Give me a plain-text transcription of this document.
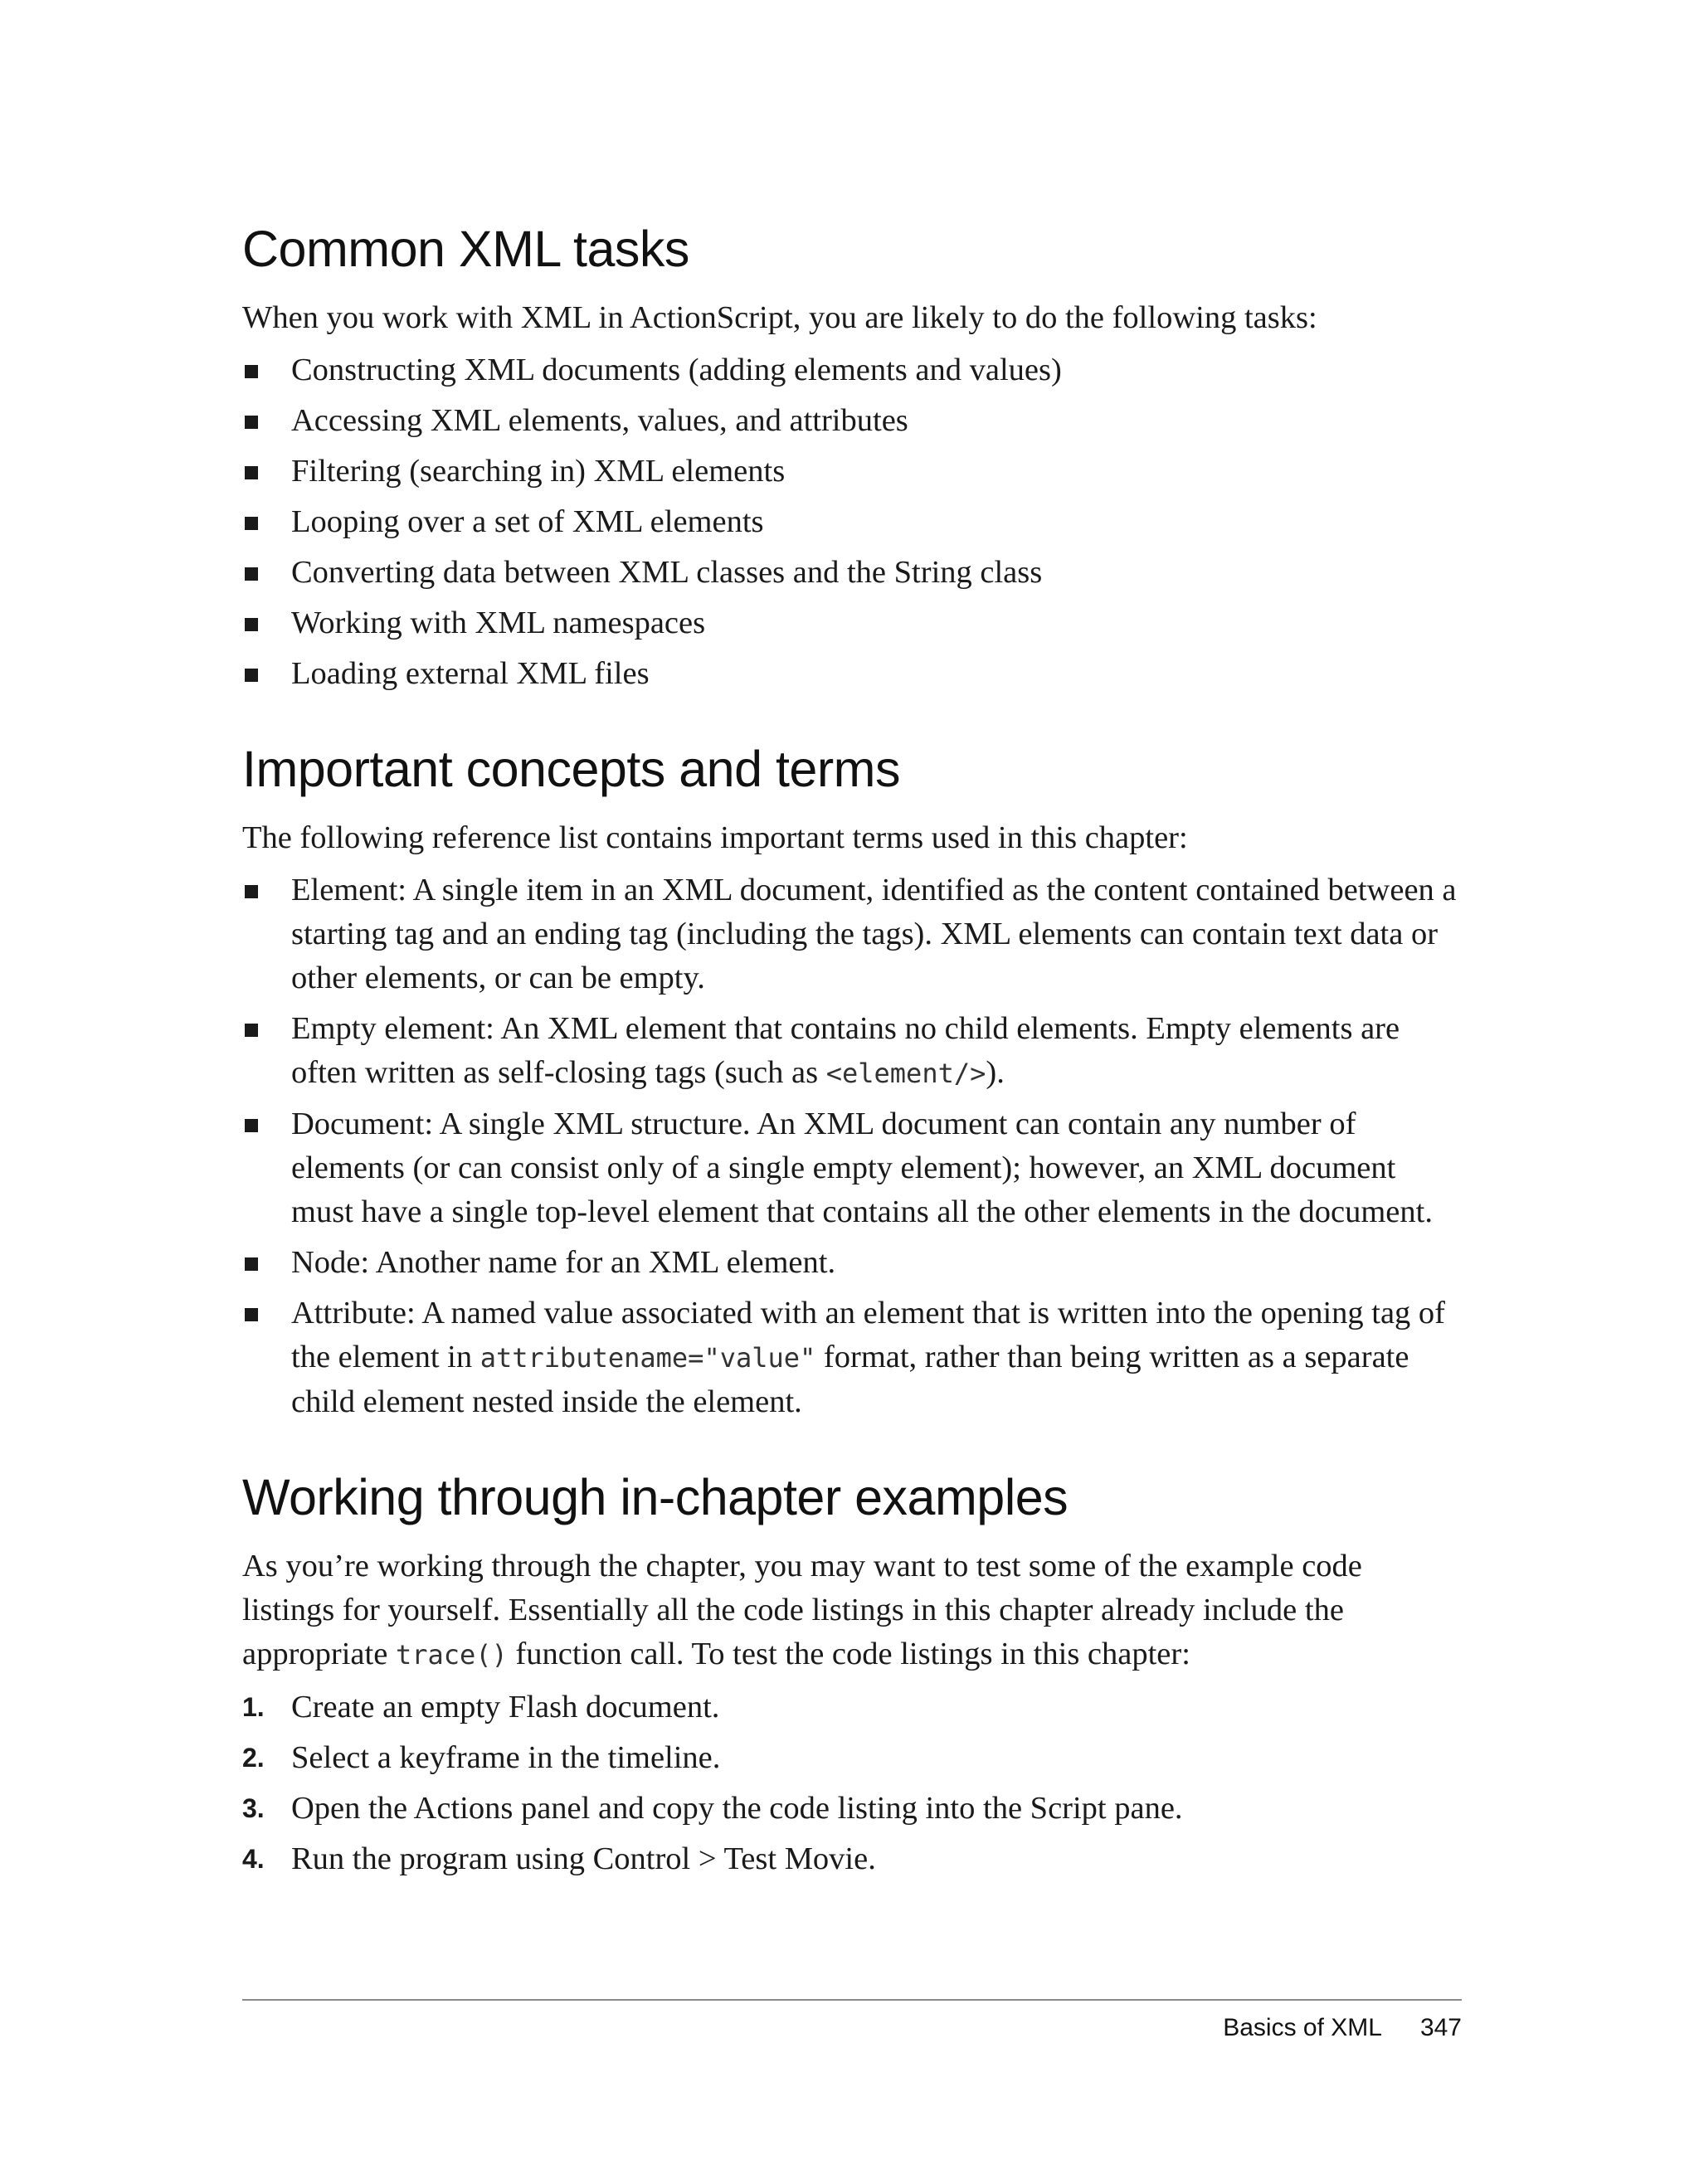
Common XML tasks

When you work with XML in ActionScript, you are likely to do the following tasks:

Constructing XML documents (adding elements and values)
Accessing XML elements, values, and attributes
Filtering (searching in) XML elements
Looping over a set of XML elements
Converting data between XML classes and the String class
Working with XML namespaces
Loading external XML files
Important concepts and terms

The following reference list contains important terms used in this chapter:

Element: A single item in an XML document, identified as the content contained between a starting tag and an ending tag (including the tags). XML elements can contain text data or other elements, or can be empty.
Empty element: An XML element that contains no child elements. Empty elements are often written as self-closing tags (such as <element/>).
Document: A single XML structure. An XML document can contain any number of elements (or can consist only of a single empty element); however, an XML document must have a single top-level element that contains all the other elements in the document.
Node: Another name for an XML element.
Attribute: A named value associated with an element that is written into the opening tag of the element in attributename="value" format, rather than being written as a separate child element nested inside the element.
Working through in-chapter examples

As you’re working through the chapter, you may want to test some of the example code listings for yourself. Essentially all the code listings in this chapter already include the appropriate trace() function call. To test the code listings in this chapter:

1. Create an empty Flash document.
2. Select a keyframe in the timeline.
3. Open the Actions panel and copy the code listing into the Script pane.
4. Run the program using Control > Test Movie.
Basics of XML 347
